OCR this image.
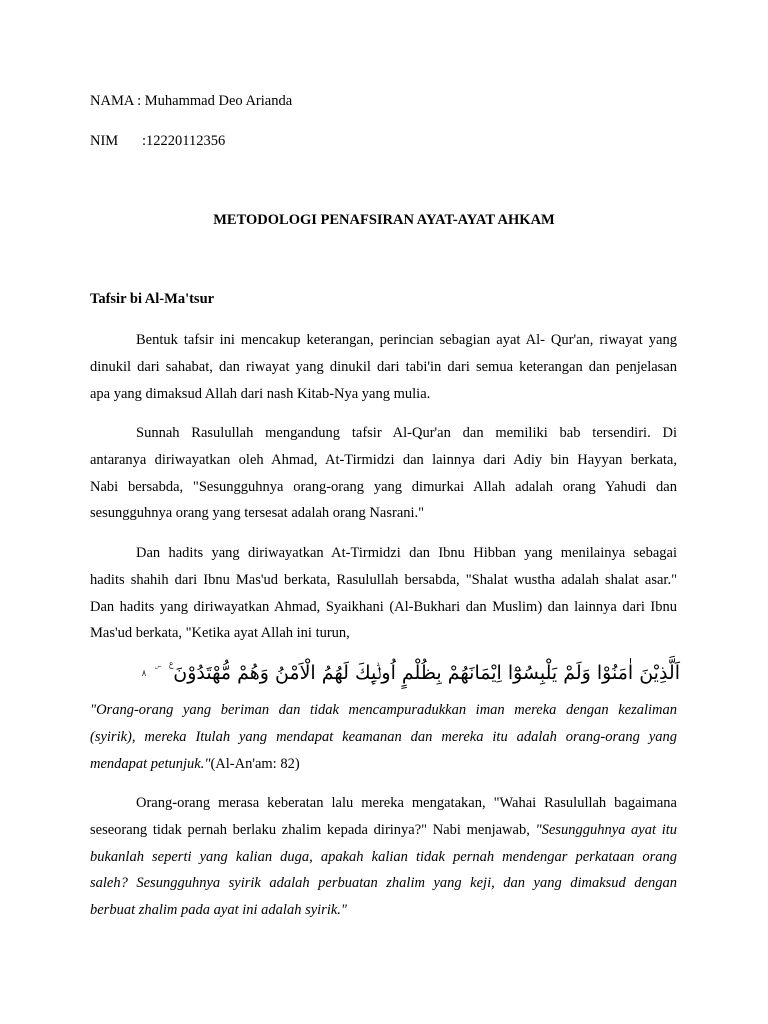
NAMA : Muhammad Deo Arianda
NIM :12220112356
METODOLOGI PENAFSIRAN AYAT-AYAT AHKAM
Tafsir bi Al-Ma'tsur
Bentuk tafsir ini mencakup keterangan, perincian sebagian ayat Al- Qur'an, riwayat yang
dinukil dari sahabat, dan riwayat yang dinukil dari tabi'in dari semua keterangan dan penjelasan
apa yang dimaksud Allah dari nash Kitab-Nya yang mulia.
Sunnah Rasulullah mengandung tafsir Al-Qur'an dan memiliki bab tersendiri. Di
antaranya diriwayatkan oleh Ahmad, At-Tirmidzi dan lainnya dari Adiy bin Hayyan berkata,
Nabi bersabda, "Sesungguhnya orang-orang yang dimurkai Allah adalah orang Yahudi dan
sesungguhnya orang yang tersesat adalah orang Nasrani."
Dan hadits yang diriwayatkan At-Tirmidzi dan Ibnu Hibban yang menilainya sebagai
hadits shahih dari Ibnu Mas'ud berkata, Rasulullah bersabda, "Shalat wustha adalah shalat asar."
Dan hadits yang diriwayatkan Ahmad, Syaikhani (Al-Bukhari dan Muslim) dan lainnya dari Ibnu
Mas'ud berkata, "Ketika ayat Allah ini turun,
اَلَّذِيْنَ اٰمَنُوْا وَلَمْ يَلْبِسُوْٓا اِيْمَانَهُمْ بِظُلْمٍ اُولٰۤىِٕكَ لَهُمُ الْاَمْنُ وَهُمْ مُّهْتَدُوْنَ ࣖ٨
"Orang-orang yang beriman dan tidak mencampuradukkan iman mereka dengan kezaliman
(syirik), mereka Itulah yang mendapat keamanan dan mereka itu adalah orang-orang yang
mendapat petunjuk."(Al-An'am: 82)
Orang-orang merasa keberatan lalu mereka mengatakan, "Wahai Rasulullah bagaimana
seseorang tidak pernah berlaku zhalim kepada dirinya?" Nabi menjawab, "Sesungguhnya ayat itu
bukanlah seperti yang kalian duga, apakah kalian tidak pernah mendengar perkataan orang
saleh? Sesungguhnya syirik adalah perbuatan zhalim yang keji, dan yang dimaksud dengan
berbuat zhalim pada ayat ini adalah syirik."
